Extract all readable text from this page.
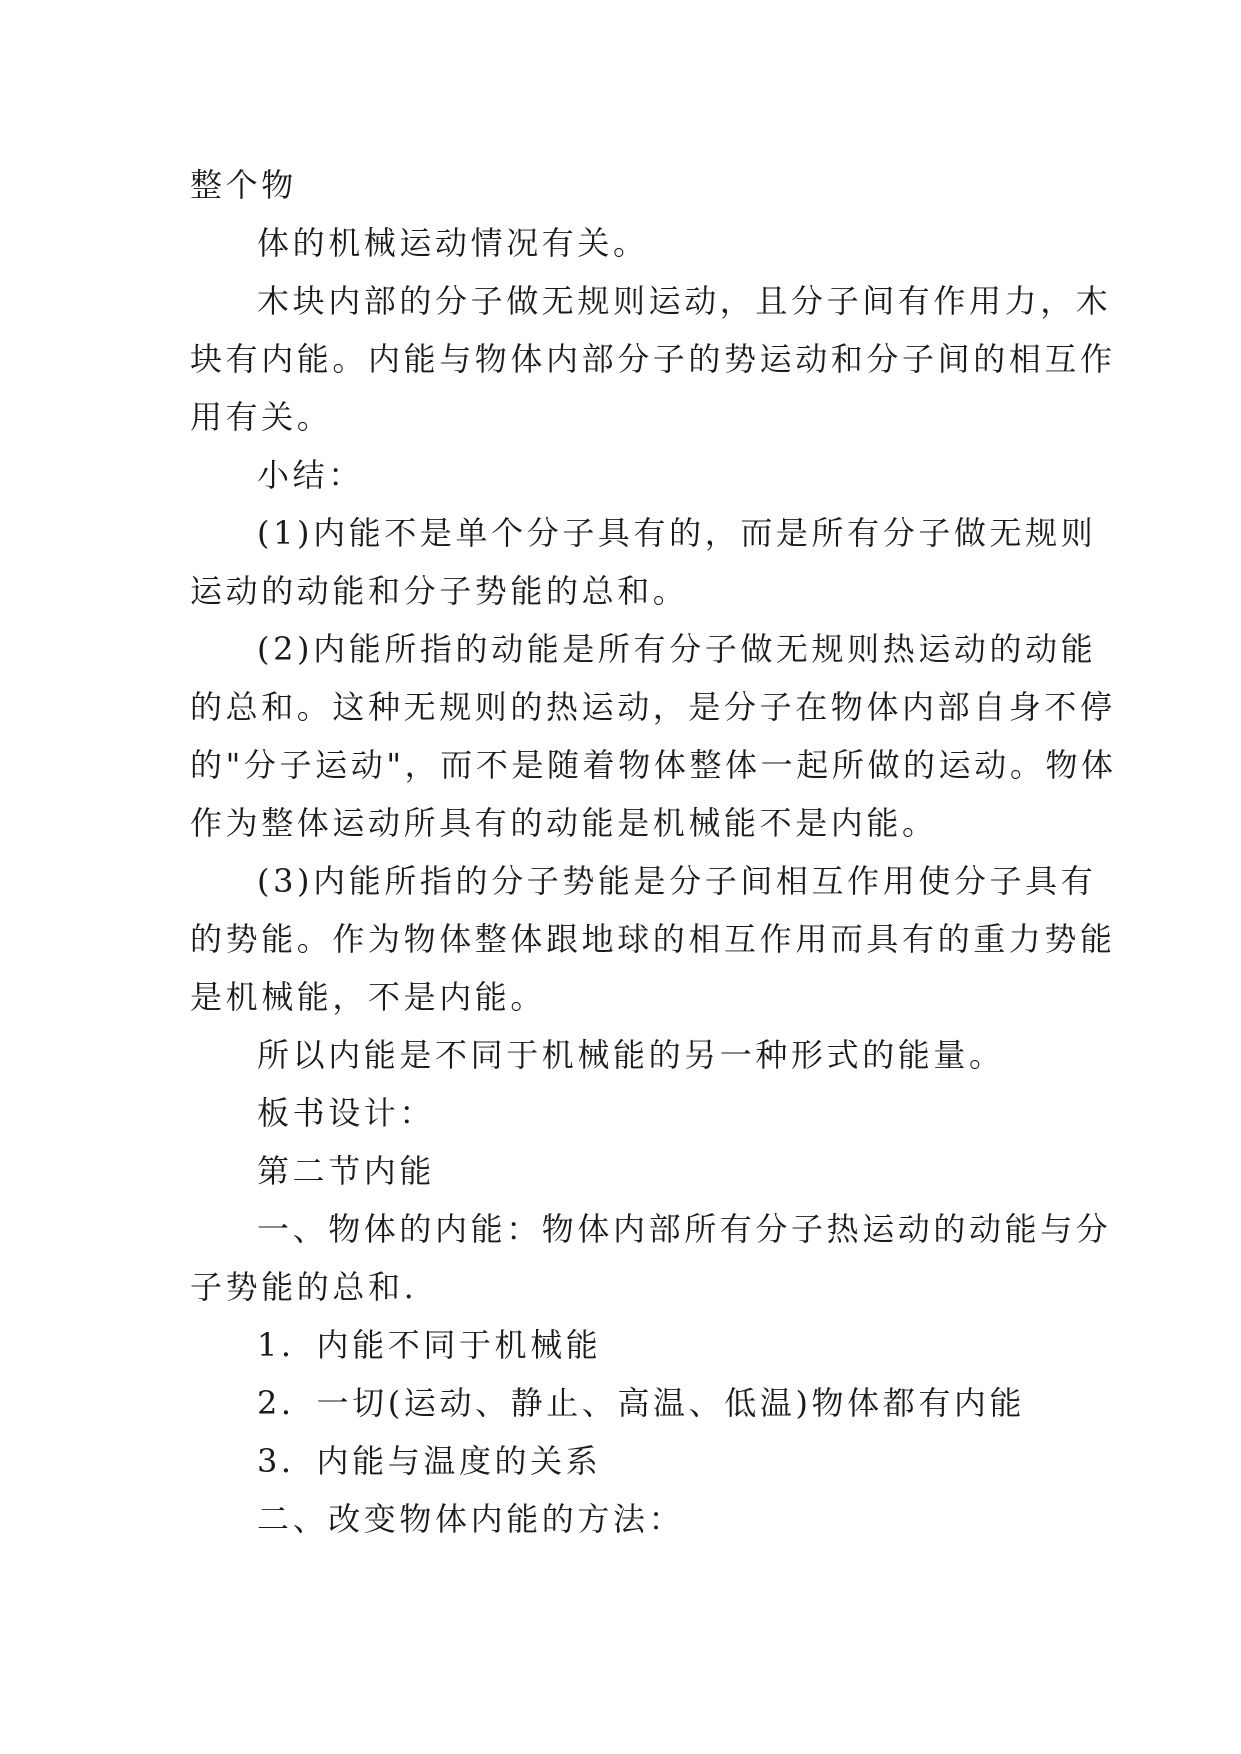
整个物
体的机械运动情况有关。
木块内部的分子做无规则运动，且分子间有作用力，木
块有内能。内能与物体内部分子的势运动和分子间的相互作
用有关。
小结：
(1)内能不是单个分子具有的，而是所有分子做无规则
运动的动能和分子势能的总和。
(2)内能所指的动能是所有分子做无规则热运动的动能
的总和。这种无规则的热运动，是分子在物体内部自身不停
的"分子运动"，而不是随着物体整体一起所做的运动。物体
作为整体运动所具有的动能是机械能不是内能。
(3)内能所指的分子势能是分子间相互作用使分子具有
的势能。作为物体整体跟地球的相互作用而具有的重力势能
是机械能，不是内能。
所以内能是不同于机械能的另一种形式的能量。
板书设计：
第二节内能
一、物体的内能：物体内部所有分子热运动的动能与分
子势能的总和.
1．内能不同于机械能
2．一切(运动、静止、高温、低温)物体都有内能
3．内能与温度的关系
二、改变物体内能的方法：
